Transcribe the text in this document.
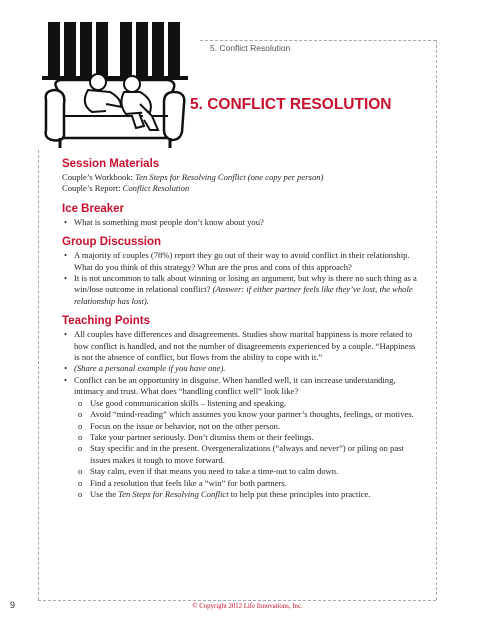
5. Conflict Resolution
5. CONFLICT RESOLUTION
Session Materials
Couple’s Workbook: Ten Steps for Resolving Conflict (one copy per person)
Couple’s Report: Conflict Resolution
Ice Breaker
• What is something most people don’t know about you?
Group Discussion
• A majority of couples (78%) report they go out of their way to avoid conflict in their relationship. What do you think of this strategy? What are the pros and cons of this approach?
• It is not uncommon to talk about winning or losing an argument, but why is there no such thing as a win/lose outcome in relational conflict? (Answer: if either partner feels like they’ve lost, the whole relationship has lost).
Teaching Points
• All couples have differences and disagreements. Studies show marital happiness is more related to how conflict is handled, and not the number of disagreements experienced by a couple. “Happiness is not the absence of conflict, but flows from the ability to cope with it.”
• (Share a personal example if you have one).
• Conflict can be an opportunity in disguise. When handled well, it can increase understanding, intimacy and trust. What does “handling conflict well” look like?
o Use good communication skills – listening and speaking.
o Avoid “mind-reading” which assumes you know your partner’s thoughts, feelings, or motives.
o Focus on the issue or behavior, not on the other person.
o Take your partner seriously. Don’t dismiss them or their feelings.
o Stay specific and in the present. Overgeneralizations (“always and never”) or piling on past issues makes it tough to move forward.
o Stay calm, even if that means you need to take a time-out to calm down.
o Find a resolution that feels like a “win” for both partners.
o Use the Ten Steps for Resolving Conflict to help put these principles into practice.
9	© Copyright 2012 Life Innovations, Inc.
